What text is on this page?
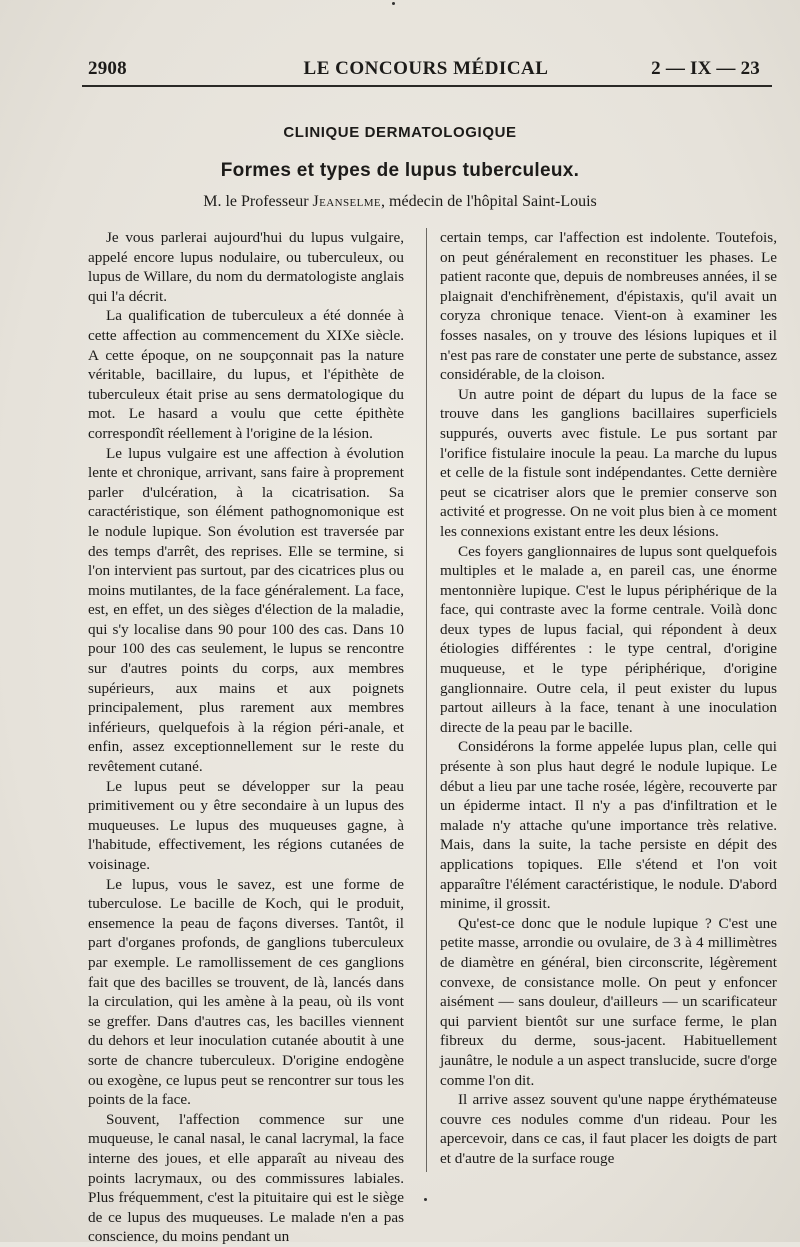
2908	LE CONCOURS MÉDICAL	2 — IX — 23
CLINIQUE DERMATOLOGIQUE
Formes et types de lupus tuberculeux.
M. le Professeur Jeanselme, médecin de l'hôpital Saint-Louis

Je vous parlerai aujourd'hui du lupus vulgaire, appelé encore lupus nodulaire, ou tuberculeux, ou lupus de Willare, du nom du dermatologiste anglais qui l'a décrit.

La qualification de tuberculeux a été donnée à cette affection au commencement du XIXe siècle. A cette époque, on ne soupçonnait pas la nature véritable, bacillaire, du lupus, et l'épithète de tuberculeux était prise au sens dermatologique du mot. Le hasard a voulu que cette épithète correspondît réellement à l'origine de la lésion.

Le lupus vulgaire est une affection à évolution lente et chronique, arrivant, sans faire à proprement parler d'ulcération, à la cicatrisation. Sa caractéristique, son élément pathognomonique est le nodule lupique. Son évolution est traversée par des temps d'arrêt, des reprises. Elle se termine, si l'on intervient pas surtout, par des cicatrices plus ou moins mutilantes, de la face généralement. La face, est, en effet, un des sièges d'élection de la maladie, qui s'y localise dans 90 pour 100 des cas. Dans 10 pour 100 des cas seulement, le lupus se rencontre sur d'autres points du corps, aux membres supérieurs, aux mains et aux poignets principalement, plus rarement aux membres inférieurs, quelquefois à la région péri-anale, et enfin, assez exceptionnellement sur le reste du revêtement cutané.

Le lupus peut se développer sur la peau primitivement ou y être secondaire à un lupus des muqueuses. Le lupus des muqueuses gagne, à l'habitude, effectivement, les régions cutanées de voisinage.

Le lupus, vous le savez, est une forme de tuberculose. Le bacille de Koch, qui le produit, ensemence la peau de façons diverses. Tantôt, il part d'organes profonds, de ganglions tuberculeux par exemple. Le ramollissement de ces ganglions fait que des bacilles se trouvent, de là, lancés dans la circulation, qui les amène à la peau, où ils vont se greffer. Dans d'autres cas, les bacilles viennent du dehors et leur inoculation cutanée aboutit à une sorte de chancre tuberculeux. D'origine endogène ou exogène, ce lupus peut se rencontrer sur tous les points de la face.

Souvent, l'affection commence sur une muqueuse, le canal nasal, le canal lacrymal, la face interne des joues, et elle apparaît au niveau des points lacrymaux, ou des commissures labiales. Plus fréquemment, c'est la pituitaire qui est le siège de ce lupus des muqueuses. Le malade n'en a pas conscience, du moins pendant un

certain temps, car l'affection est indolente. Toutefois, on peut généralement en reconstituer les phases. Le patient raconte que, depuis de nombreuses années, il se plaignait d'enchifrènement, d'épistaxis, qu'il avait un coryza chronique tenace. Vient-on à examiner les fosses nasales, on y trouve des lésions lupiques et il n'est pas rare de constater une perte de substance, assez considérable, de la cloison.

Un autre point de départ du lupus de la face se trouve dans les ganglions bacillaires superficiels suppurés, ouverts avec fistule. Le pus sortant par l'orifice fistulaire inocule la peau. La marche du lupus et celle de la fistule sont indépendantes. Cette dernière peut se cicatriser alors que le premier conserve son activité et progresse. On ne voit plus bien à ce moment les connexions existant entre les deux lésions.

Ces foyers ganglionnaires de lupus sont quelquefois multiples et le malade a, en pareil cas, une énorme mentonnière lupique. C'est le lupus périphérique de la face, qui contraste avec la forme centrale. Voilà donc deux types de lupus facial, qui répondent à deux étiologies différentes : le type central, d'origine muqueuse, et le type périphérique, d'origine ganglionnaire. Outre cela, il peut exister du lupus partout ailleurs à la face, tenant à une inoculation directe de la peau par le bacille.

Considérons la forme appelée lupus plan, celle qui présente à son plus haut degré le nodule lupique. Le début a lieu par une tache rosée, légère, recouverte par un épiderme intact. Il n'y a pas d'infiltration et le malade n'y attache qu'une importance très relative. Mais, dans la suite, la tache persiste en dépit des applications topiques. Elle s'étend et l'on voit apparaître l'élément caractéristique, le nodule. D'abord minime, il grossit.

Qu'est-ce donc que le nodule lupique ? C'est une petite masse, arrondie ou ovulaire, de 3 à 4 millimètres de diamètre en général, bien circonscrite, légèrement convexe, de consistance molle. On peut y enfoncer aisément — sans douleur, d'ailleurs — un scarificateur qui parvient bientôt sur une surface ferme, le plan fibreux du derme, sous-jacent. Habituellement jaunâtre, le nodule a un aspect translucide, sucre d'orge comme l'on dit.

Il arrive assez souvent qu'une nappe érythémateuse couvre ces nodules comme d'un rideau. Pour les apercevoir, dans ce cas, il faut placer les doigts de part et d'autre de la surface rouge
